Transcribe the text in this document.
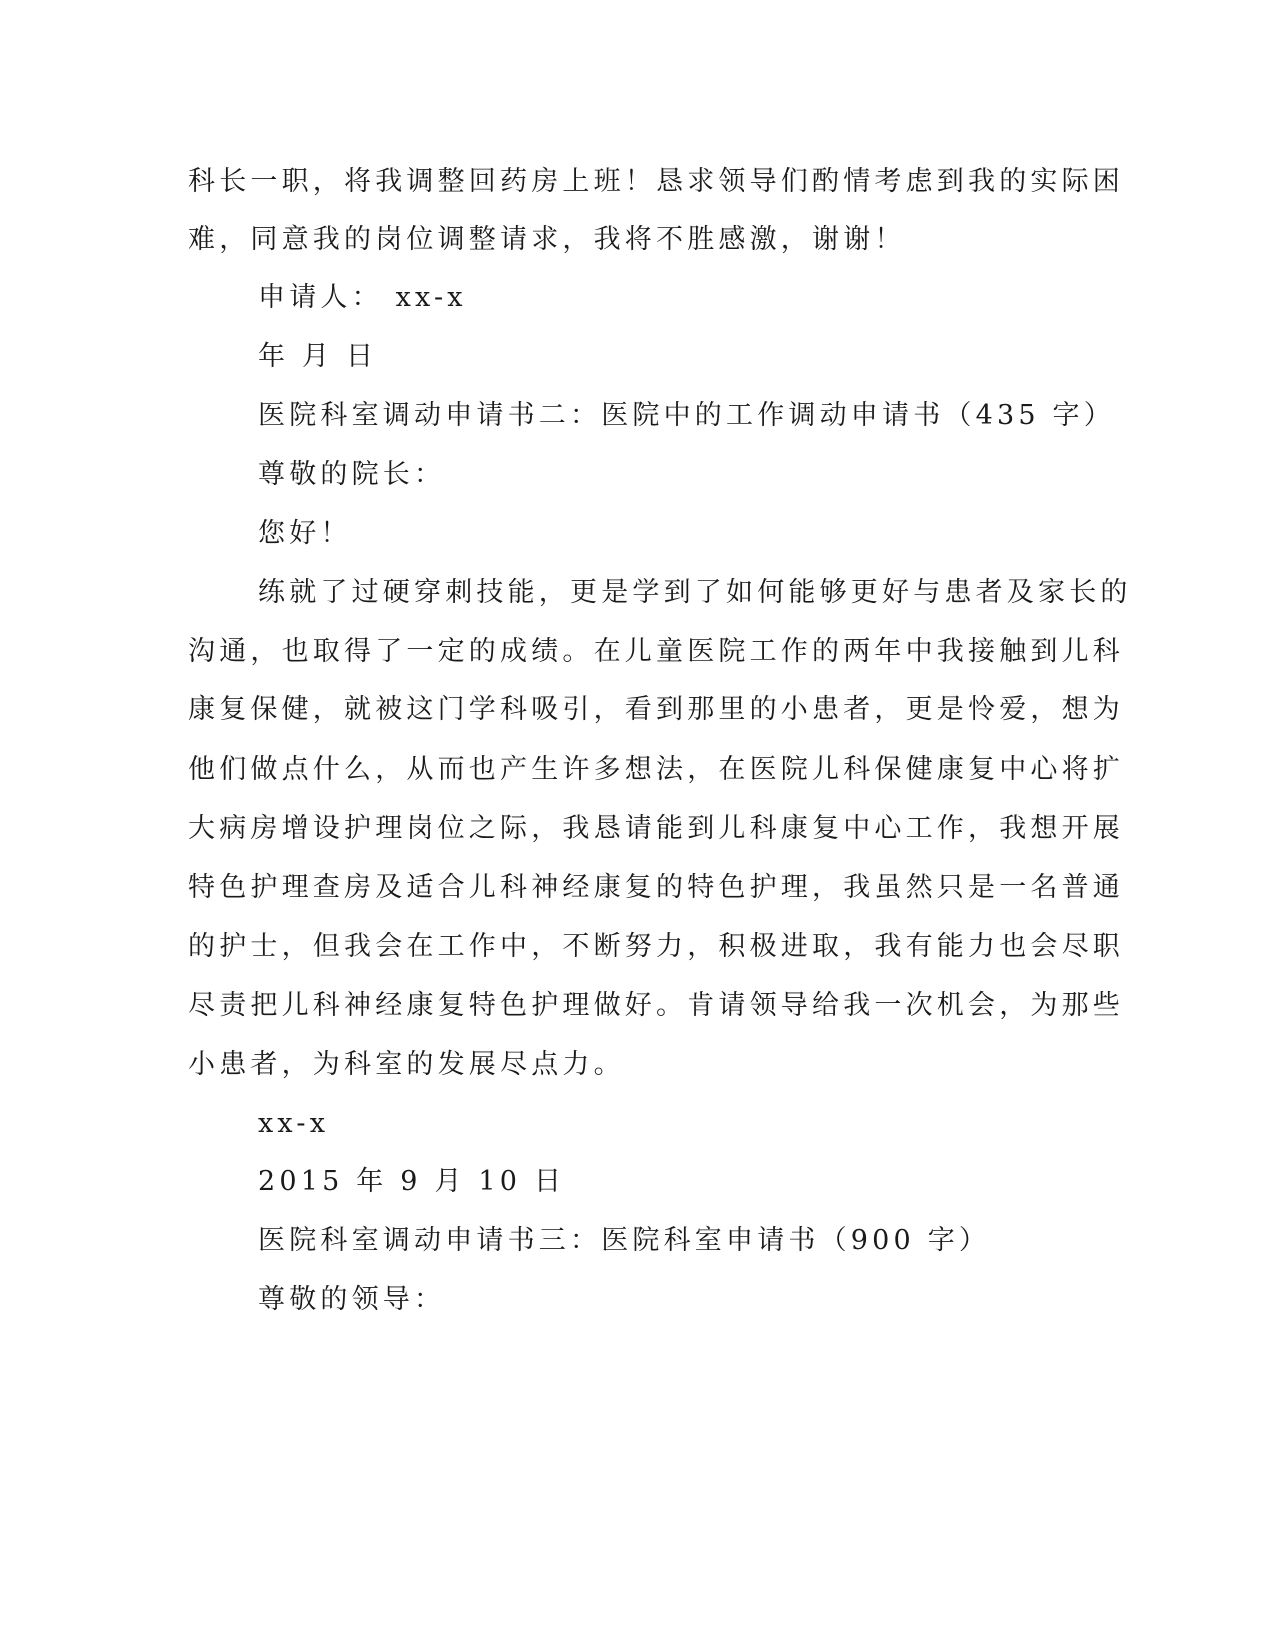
科长一职，将我调整回药房上班！恳求领导们酌情考虑到我的实际困
难，同意我的岗位调整请求，我将不胜感激，谢谢！
申请人： xx-x
年 月 日
医院科室调动申请书二：医院中的工作调动申请书（435 字）
尊敬的院长：
您好！
练就了过硬穿刺技能，更是学到了如何能够更好与患者及家长的
沟通，也取得了一定的成绩。在儿童医院工作的两年中我接触到儿科
康复保健，就被这门学科吸引，看到那里的小患者，更是怜爱，想为
他们做点什么，从而也产生许多想法，在医院儿科保健康复中心将扩
大病房增设护理岗位之际，我恳请能到儿科康复中心工作，我想开展
特色护理查房及适合儿科神经康复的特色护理，我虽然只是一名普通
的护士，但我会在工作中，不断努力，积极进取，我有能力也会尽职
尽责把儿科神经康复特色护理做好。肯请领导给我一次机会，为那些
小患者，为科室的发展尽点力。
xx-x
2015 年 9 月 10 日
医院科室调动申请书三：医院科室申请书（900 字）
尊敬的领导：
